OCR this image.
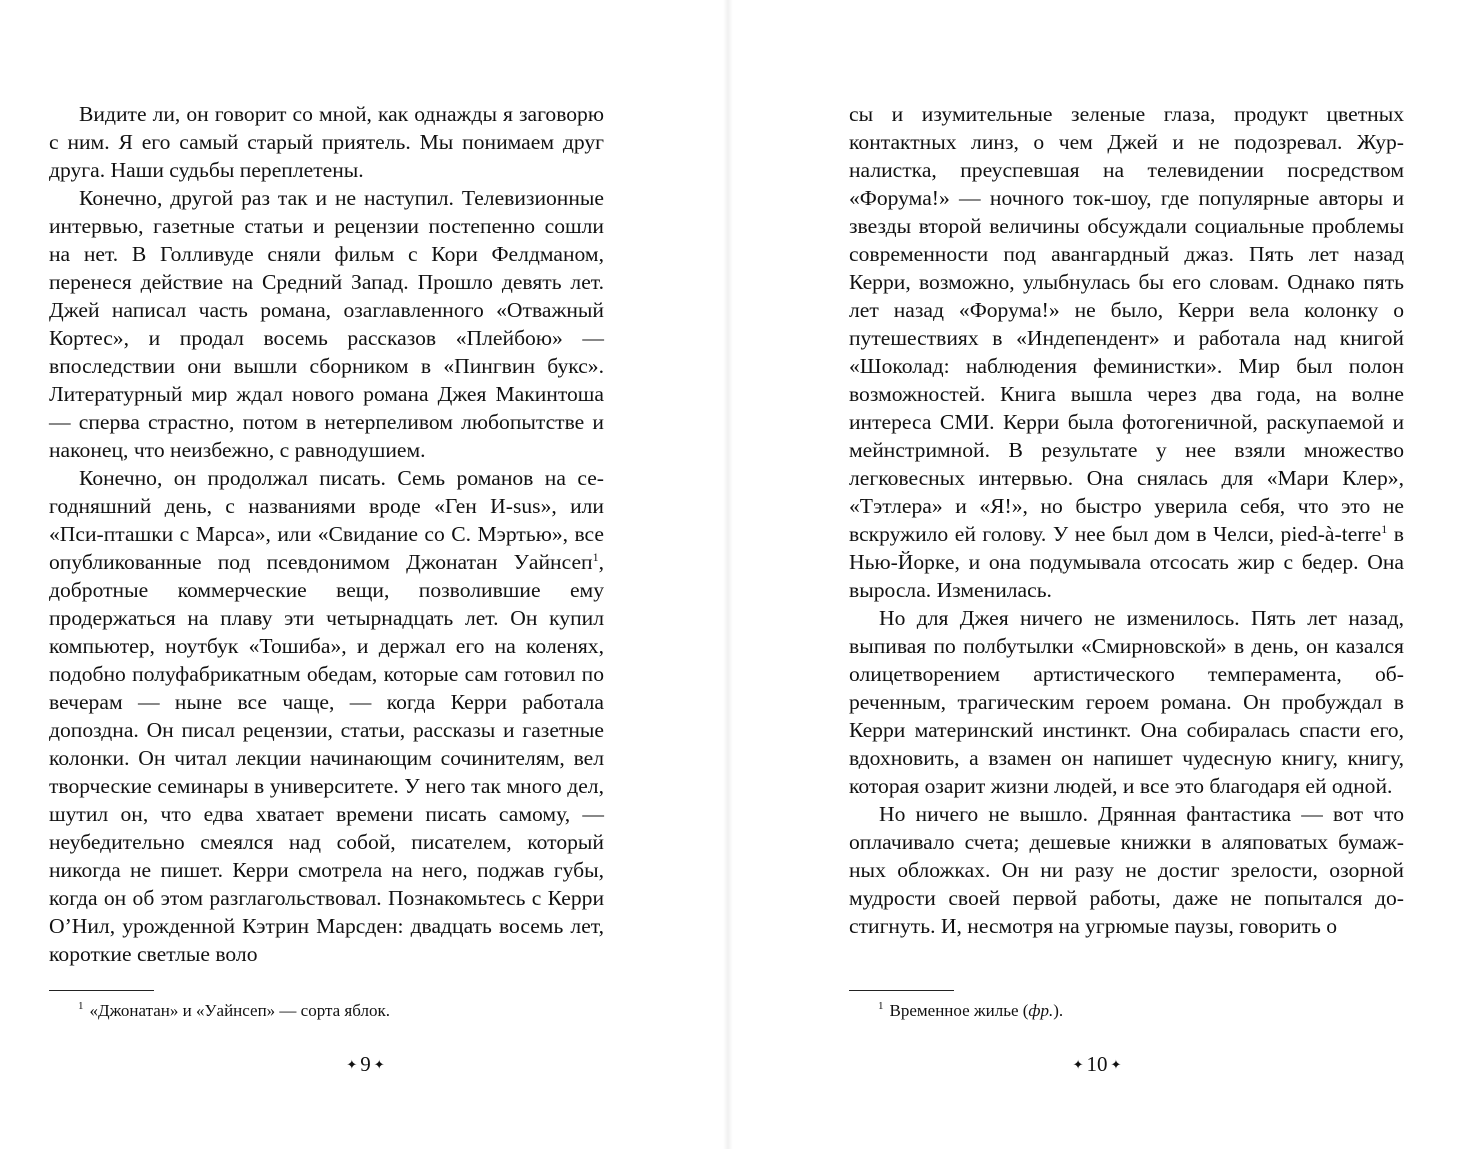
Видите ли, он говорит со мной, как однажды я заговорю с ним. Я его самый старый приятель. Мы понимаем друг друга. Наши судьбы переплетены.

Конечно, другой раз так и не наступил. Телевизионные интервью, газетные статьи и рецензии постепенно сошли на нет. В Голливуде сняли фильм с Кори Фелдманом, перенеся действие на Средний Запад. Прошло девять лет. Джей написал часть романа, озаглавленного «Отважный Кортес», и продал восемь рассказов «Плейбою» — впоследствии они вышли сборником в «Пингвин букс». Литературный мир ждал нового романа Джея Макинтоша — сперва страстно, потом в нетерпеливом любопытстве и наконец, что неизбежно, с равнодушием.

Конечно, он продолжал писать. Семь романов на сегодняшний день, с названиями вроде «Ген И-sus», или «Пси-пташки с Марса», или «Свидание со С. Мэртью», все опубликованные под псевдонимом Джонатан Уайнсеп$^1$, добротные коммерческие вещи, позволившие ему продержаться на плаву эти четырнадцать лет. Он купил компьютер, ноутбук «Тошиба», и держал его на коленях, подобно полуфабрикатным обедам, которые сам готовил по вечерам — ныне все чаще, — когда Керри работала допоздна. Он писал рецензии, статьи, рассказы и газетные колонки. Он читал лекции начинающим сочинителям, вел творческие семинары в университете. У него так много дел, шутил он, что едва хватает времени писать самому, — неубедительно смеялся над собой, писателем, который никогда не пишет. Керри смотрела на него, поджав губы, когда он об этом разглагольствовал. Познакомьтесь с Керри О’Нил, урожденной Кэтрин Марсден: двадцать восемь лет, короткие светлые воло

$^1$ «Джонатан» и «Уайнсеп» — сорта яблок.
✦ 9 ✦

сы и изумительные зеленые глаза, продукт цветных контактных линз, о чем Джей и не подозревал. Журналистка, преуспевшая на телевидении посредством «Форума!» — ночного ток-шоу, где популярные авторы и звезды второй величины обсуждали социальные проблемы современности под авангардный джаз. Пять лет назад Керри, возможно, улыбнулась бы его словам. Однако пять лет назад «Форума!» не было, Керри вела колонку о путешествиях в «Индепендент» и работала над книгой «Шоколад: наблюдения феминистки». Мир был полон возможностей. Книга вышла через два года, на волне интереса СМИ. Керри была фотогеничной, раскупаемой и мейнстримной. В результате у нее взяли множество легковесных интервью. Она снялась для «Мари Клер», «Тэтлера» и «Я!», но быстро уверила себя, что это не вскружило ей голову. У нее был дом в Челси, pied-à-terre$^1$ в Нью-Йорке, и она подумывала отсосать жир с бедер. Она выросла. Изменилась.

Но для Джея ничего не изменилось. Пять лет назад, выпивая по полбутылки «Смирновской» в день, он казался олицетворением артистического темперамента, обреченным, трагическим героем романа. Он пробуждал в Керри материнский инстинкт. Она собиралась спасти его, вдохновить, а взамен он напишет чудесную книгу, книгу, которая озарит жизни людей, и все это благодаря ей одной.

Но ничего не вышло. Дрянная фантастика — вот что оплачивало счета; дешевые книжки в аляповатых бумажных обложках. Он ни разу не достиг зрелости, озорной мудрости своей первой работы, даже не попытался достигнуть. И, несмотря на угрюмые паузы, говорить о

$^1$ Временное жилье (фр.).
✦ 10 ✦
